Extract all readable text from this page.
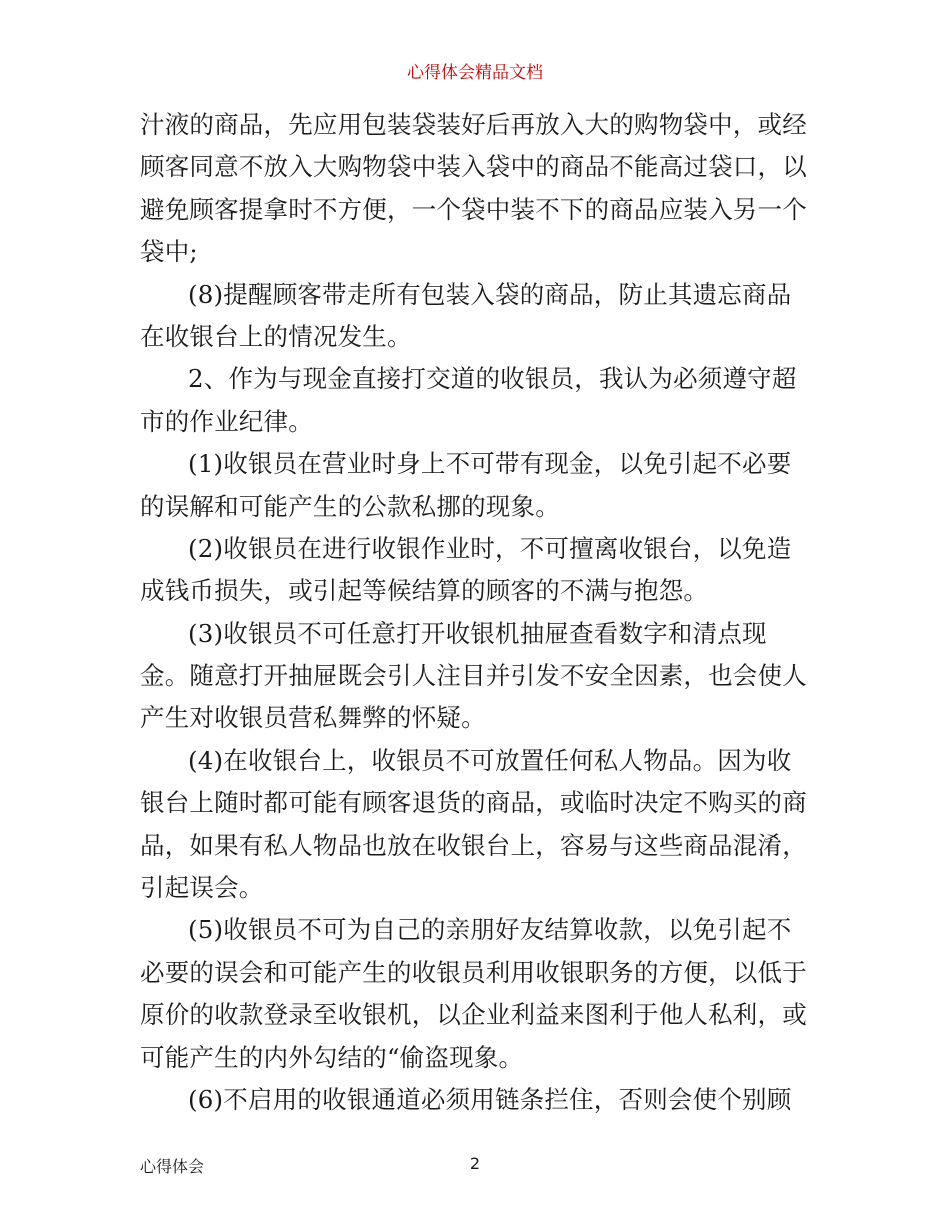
心得体会精品文档
汁液的商品，先应用包装袋装好后再放入大的购物袋中，或经
顾客同意不放入大购物袋中装入袋中的商品不能高过袋口，以
避免顾客提拿时不方便，一个袋中装不下的商品应装入另一个
袋中;
(8)提醒顾客带走所有包装入袋的商品，防止其遗忘商品
在收银台上的情况发生。
2、作为与现金直接打交道的收银员，我认为必须遵守超
市的作业纪律。
(1)收银员在营业时身上不可带有现金，以免引起不必要
的误解和可能产生的公款私挪的现象。
(2)收银员在进行收银作业时，不可擅离收银台，以免造
成钱币损失，或引起等候结算的顾客的不满与抱怨。
(3)收银员不可任意打开收银机抽屉查看数字和清点现
金。随意打开抽屉既会引人注目并引发不安全因素，也会使人
产生对收银员营私舞弊的怀疑。
(4)在收银台上，收银员不可放置任何私人物品。因为收
银台上随时都可能有顾客退货的商品，或临时决定不购买的商
品，如果有私人物品也放在收银台上，容易与这些商品混淆，
引起误会。
(5)收银员不可为自己的亲朋好友结算收款，以免引起不
必要的误会和可能产生的收银员利用收银职务的方便，以低于
原价的收款登录至收银机，以企业利益来图利于他人私利，或
可能产生的内外勾结的“偷盗现象。
(6)不启用的收银通道必须用链条拦住，否则会使个别顾
心得体会	2
